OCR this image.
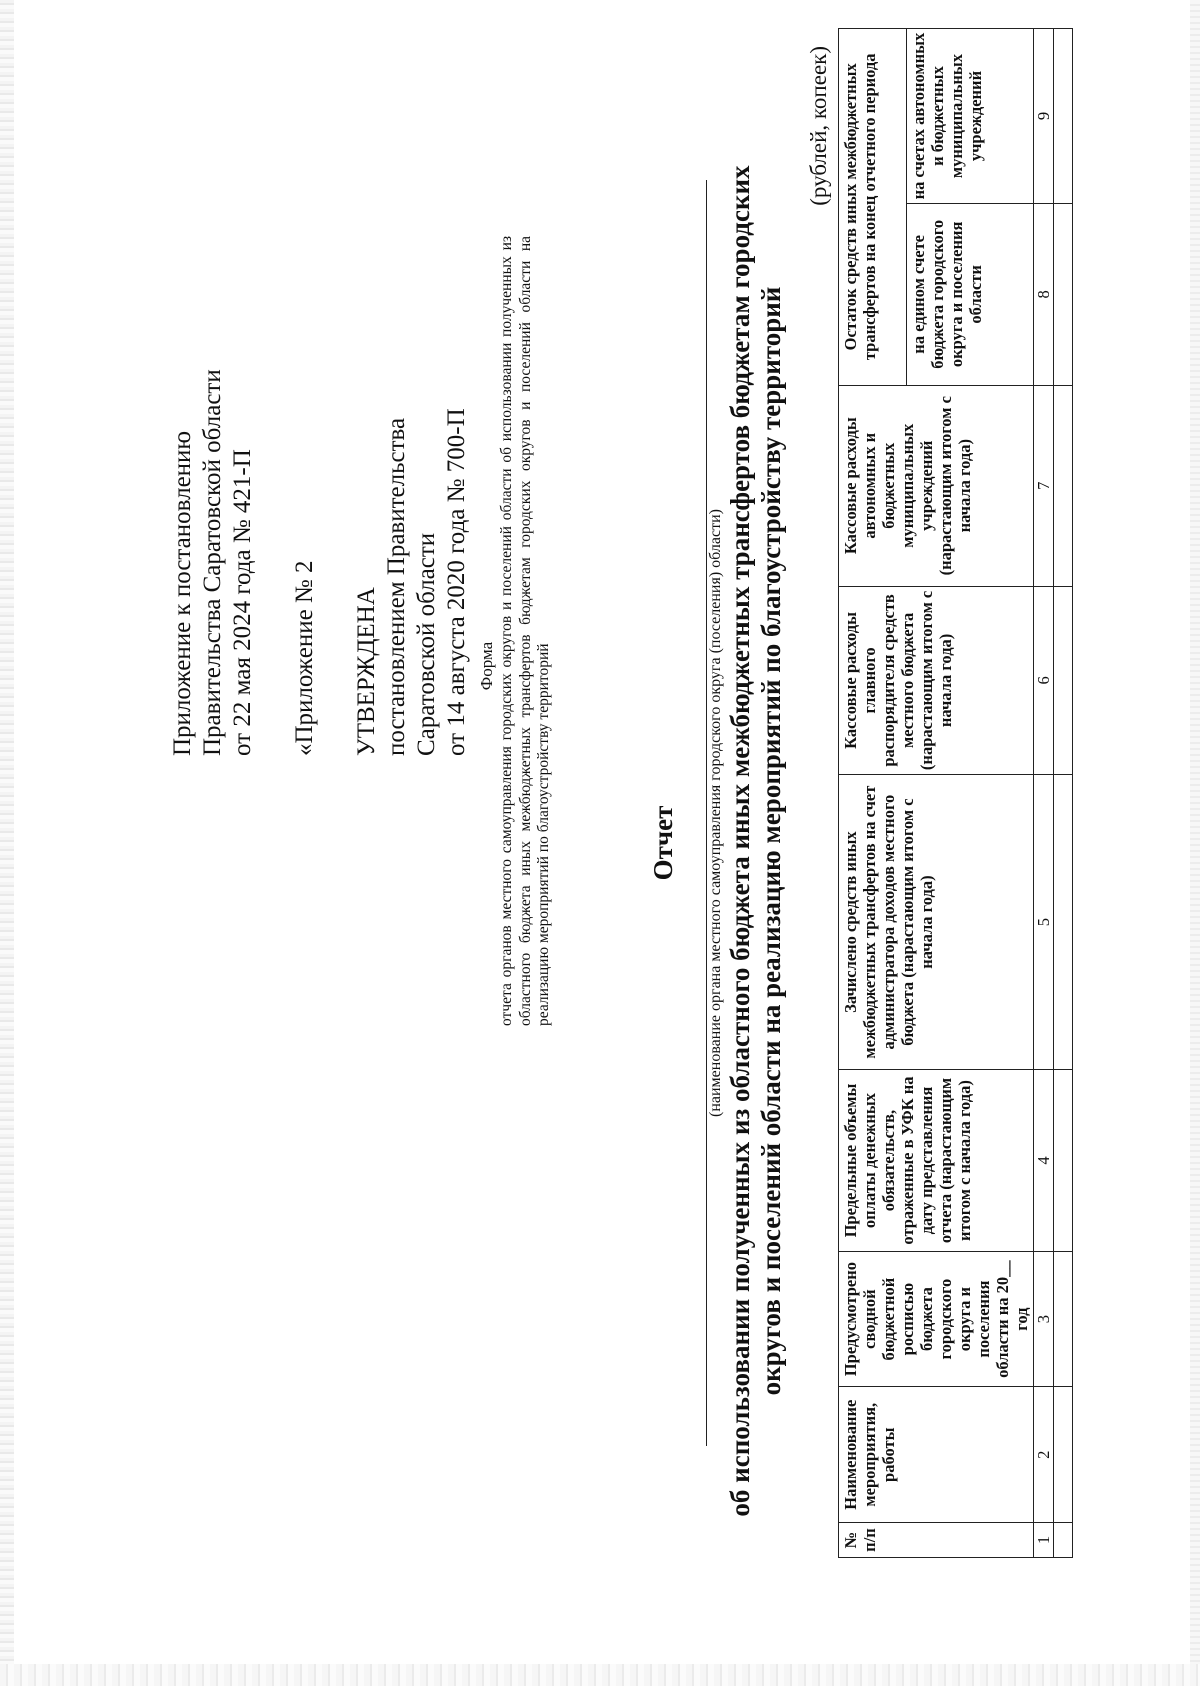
Приложение к постановлению Правительства Саратовской области от 22 мая 2024 года № 421-П «Приложение № 2 УТВЕРЖДЕНА постановлением Правительства Саратовской области от 14 августа 2020 года № 700-П Форма отчета органов местного самоуправления городских округов и поселений области об использовании полученных из областного бюджета иных межбюджетных трансфертов бюджетам городских округов и поселений области на реализацию мероприятий по благоустройству территорий	Отчет (наименование органа местного самоуправления городского округа (поселения) области) об использовании полученных из областного бюджета иных межбюджетных трансфертов бюджетам городских округов и поселений области на реализацию мероприятий по благоустройству территорий
(рублей, копеек)
№ п/п	Наименование мероприятия, работы	Предусмотрено сводной бюджетной росписью бюджета городского округа и поселения области на 20__ год	Предельные объемы оплаты денежных обязательств, отраженные в УФК на дату представления отчета (нарастающим итогом с начала года)	Зачислено средств иных межбюджетных трансфертов на счет администратора доходов местного бюджета (нарастающим итогом с начала года)	Кассовые расходы главного распорядителя средств местного бюджета (нарастающим итогом с начала года)	Кассовые расходы автономных и бюджетных муниципальных учреждений (нарастающим итогом с начала года)	Остаток средств иных межбюджетных трансфертов на конец отчетного периода	
							на едином счете бюджета городского округа и поселения области	на счетах автономных и бюджетных муниципальных учреждений
1	2	3	4	5	6	7	8	9
